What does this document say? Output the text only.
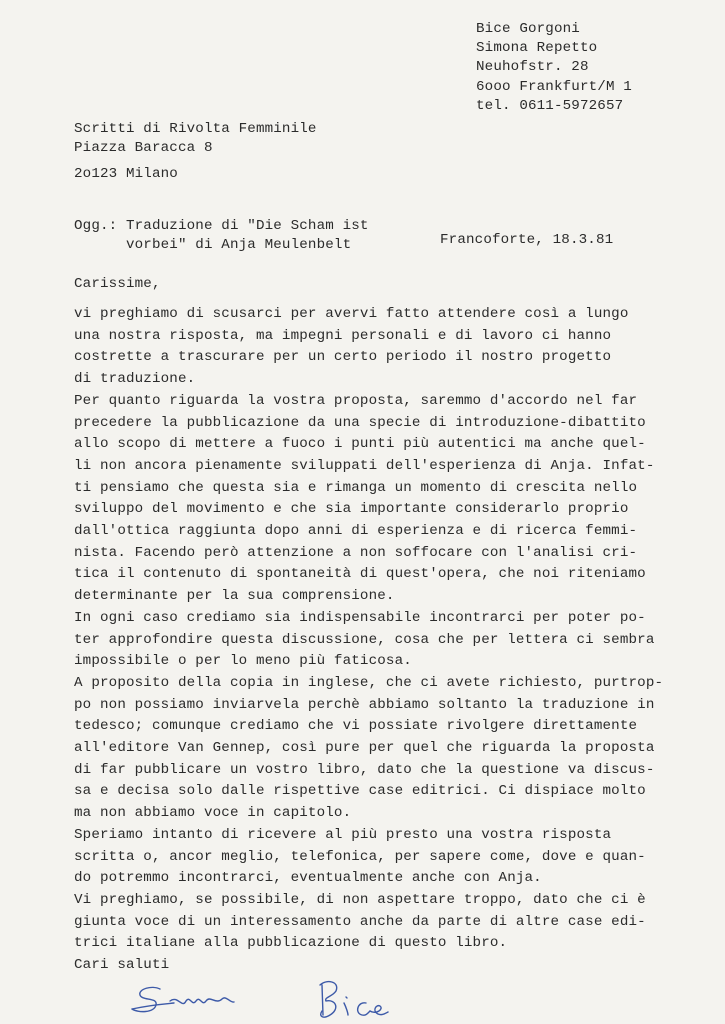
Bice Gorgoni
Simona Repetto
Neuhofstr. 28
6ooo Frankfurt/M 1
tel. 0611-5972657
Scritti di Rivolta Femminile
Piazza Baracca 8
2o123 Milano
Ogg.: Traduzione di "Die Scham ist
vorbei" di Anja Meulenbelt	Francoforte, 18.3.81
Carissime,
vi preghiamo di scusarci per avervi fatto attendere così a lungo
una nostra risposta, ma impegni personali e di lavoro ci hanno
costrette a trascurare per un certo periodo il nostro progetto
di traduzione.
Per quanto riguarda la vostra proposta, saremmo d'accordo nel far
precedere la pubblicazione da una specie di introduzione-dibattito
allo scopo di mettere a fuoco i punti più autentici ma anche quel-
li non ancora pienamente sviluppati dell'esperienza di Anja. Infat-
ti pensiamo che questa sia e rimanga un momento di crescita nello
sviluppo del movimento e che sia importante considerarlo proprio
dall'ottica raggiunta dopo anni di esperienza e di ricerca femmi-
nista. Facendo però attenzione a non soffocare con l'analisi cri-
tica il contenuto di spontaneità di quest'opera, che noi riteniamo
determinante per la sua comprensione.
In ogni caso crediamo sia indispensabile incontrarci per poter po-
ter approfondire questa discussione, cosa che per lettera ci sembra
impossibile o per lo meno più faticosa.
A proposito della copia in inglese, che ci avete richiesto, purtrop-
po non possiamo inviarvela perchè abbiamo soltanto la traduzione in
tedesco; comunque crediamo che vi possiate rivolgere direttamente
all'editore Van Gennep, così pure per quel che riguarda la proposta
di far pubblicare un vostro libro, dato che la questione va discus-
sa e decisa solo dalle rispettive case editrici. Ci dispiace molto
ma non abbiamo voce in capitolo.
Speriamo intanto di ricevere al più presto una vostra risposta
scritta o, ancor meglio, telefonica, per sapere come, dove e quan-
do potremmo incontrarci, eventualmente anche con Anja.
Vi preghiamo, se possibile, di non aspettare troppo, dato che ci è
giunta voce di un interessamento anche da parte di altre case edi-
trici italiane alla pubblicazione di questo libro.
Cari saluti
